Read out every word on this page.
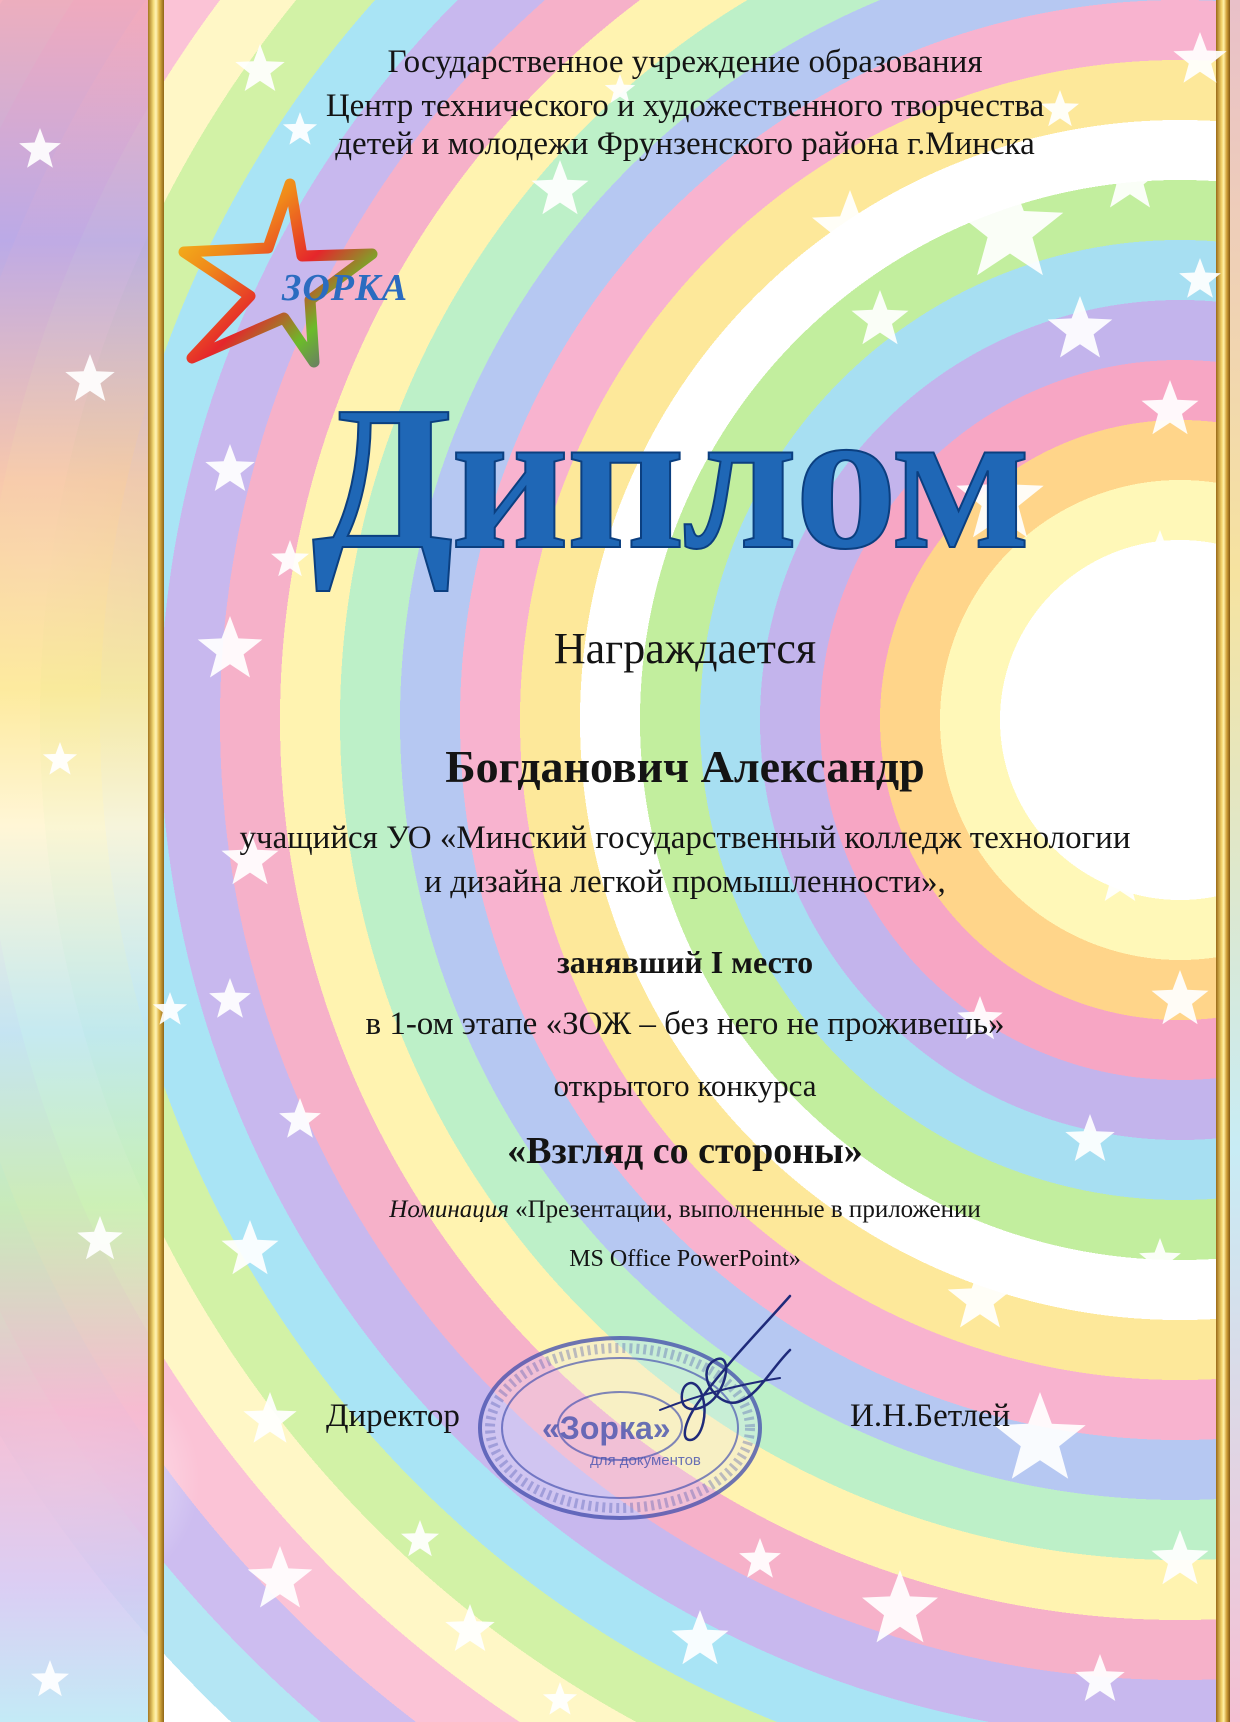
Государственное учреждение образования

Центр технического и художественного творчества

детей и молодежи Фрунзенского района г.Минска

ЗОРКА
Диплом

Награждается

Богданович Александр

учащийся УО «Минский государственный колледж технологии

и дизайна легкой промышленности»,

занявший I место

в 1-ом этапе «ЗОЖ – без него не проживешь»

открытого конкурса

«Взгляд со стороны»

Номинация «Презентации, выполненные в приложении

MS Office PowerPoint»

Директор	И.Н.Бетлей

«Зорка»

для документов
